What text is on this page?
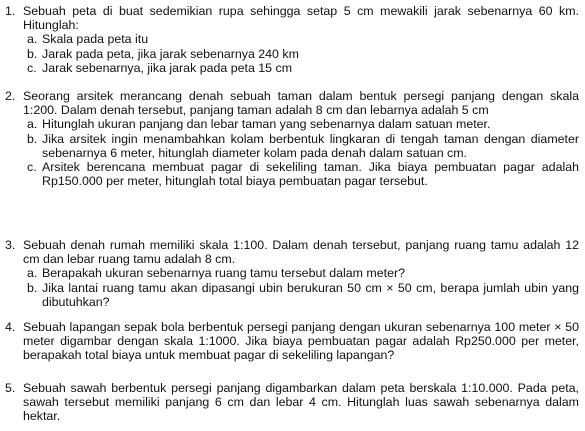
1. Sebuah peta di buat sedemikian rupa sehingga setap 5 cm mewakili jarak sebenarnya 60 km. Hitunglah:
a. Skala pada peta itu
b. Jarak pada peta, jika jarak sebenarnya 240 km
c. Jarak sebenarnya, jika jarak pada peta 15 cm
2. Seorang arsitek merancang denah sebuah taman dalam bentuk persegi panjang dengan skala 1:200. Dalam denah tersebut, panjang taman adalah 8 cm dan lebarnya adalah 5 cm
a. Hitunglah ukuran panjang dan lebar taman yang sebenarnya dalam satuan meter.
b. Jika arsitek ingin menambahkan kolam berbentuk lingkaran di tengah taman dengan diameter sebenarnya 6 meter, hitunglah diameter kolam pada denah dalam satuan cm.
c. Arsitek berencana membuat pagar di sekeliling taman. Jika biaya pembuatan pagar adalah Rp150.000 per meter, hitunglah total biaya pembuatan pagar tersebut.
3. Sebuah denah rumah memiliki skala 1:100. Dalam denah tersebut, panjang ruang tamu adalah 12 cm dan lebar ruang tamu adalah 8 cm.
a. Berapakah ukuran sebenarnya ruang tamu tersebut dalam meter?
b. Jika lantai ruang tamu akan dipasangi ubin berukuran 50 cm × 50 cm, berapa jumlah ubin yang dibutuhkan?
4. Sebuah lapangan sepak bola berbentuk persegi panjang dengan ukuran sebenarnya 100 meter × 50 meter digambar dengan skala 1:1000. Jika biaya pembuatan pagar adalah Rp250.000 per meter, berapakah total biaya untuk membuat pagar di sekeliling lapangan?
5. Sebuah sawah berbentuk persegi panjang digambarkan dalam peta berskala 1:10.000. Pada peta, sawah tersebut memiliki panjang 6 cm dan lebar 4 cm. Hitunglah luas sawah sebenarnya dalam hektar.
